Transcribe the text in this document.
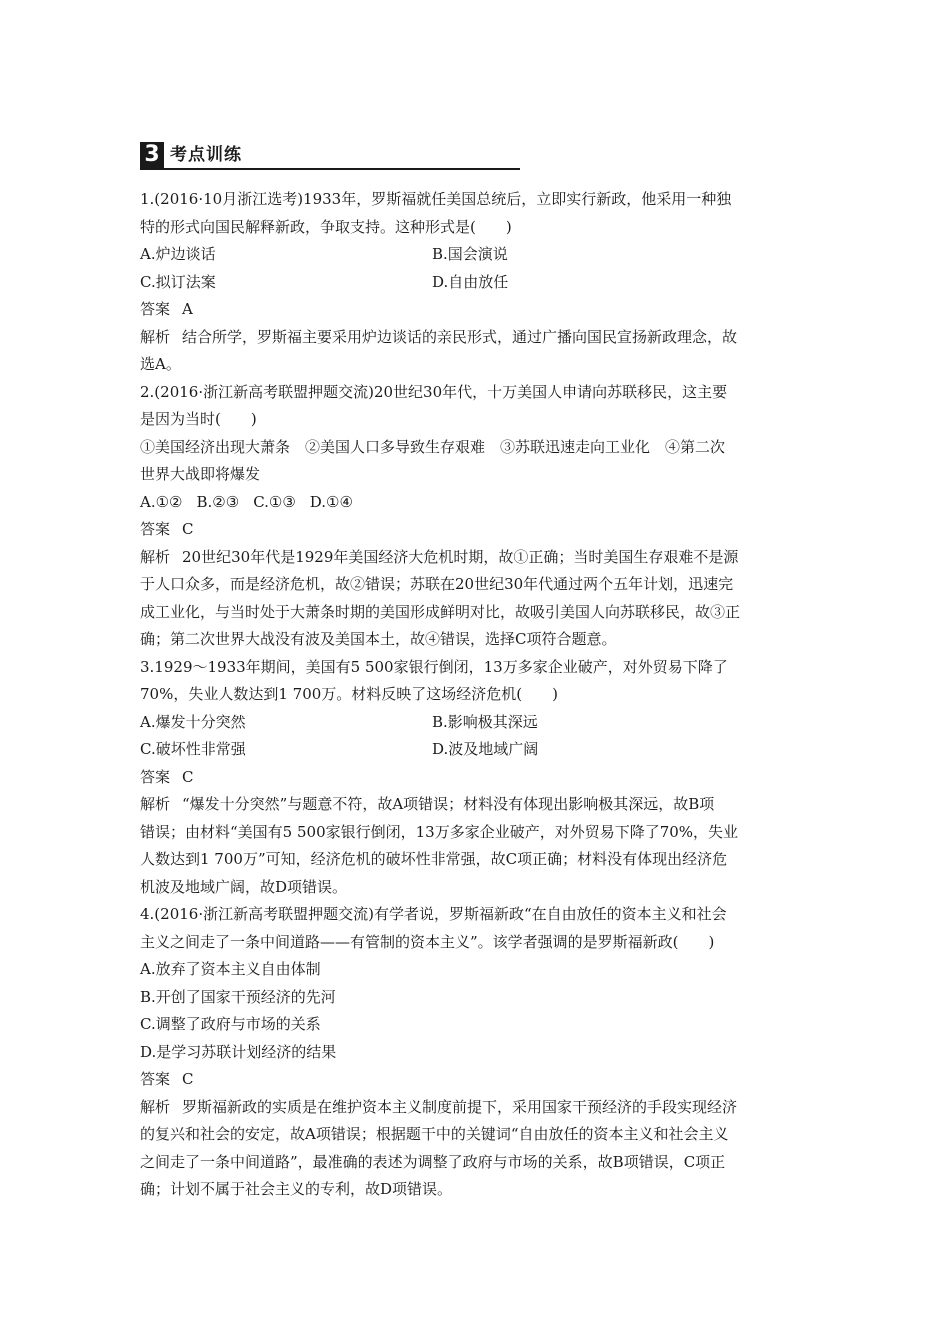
3 考点训练
1.(2016·10月浙江选考)1933年，罗斯福就任美国总统后，立即实行新政，他采用一种独
特的形式向国民解释新政，争取支持。这种形式是(　　)
A.炉边谈话	B.国会演说
C.拟订法案	D.自由放任
答案 A
解析 结合所学，罗斯福主要采用炉边谈话的亲民形式，通过广播向国民宣扬新政理念，故
选A。
2.(2016·浙江新高考联盟押题交流)20世纪30年代，十万美国人申请向苏联移民，这主要
是因为当时(　　)
①美国经济出现大萧条　②美国人口多导致生存艰难　③苏联迅速走向工业化　④第二次
世界大战即将爆发
A.①② B.②③ C.①③ D.①④
答案 C
解析 20世纪30年代是1929年美国经济大危机时期，故①正确；当时美国生存艰难不是源
于人口众多，而是经济危机，故②错误；苏联在20世纪30年代通过两个五年计划，迅速完
成工业化，与当时处于大萧条时期的美国形成鲜明对比，故吸引美国人向苏联移民，故③正
确；第二次世界大战没有波及美国本土，故④错误，选择C项符合题意。
3.1929～1933年期间，美国有5 500家银行倒闭，13万多家企业破产，对外贸易下降了
70%，失业人数达到1 700万。材料反映了这场经济危机(　　)
A.爆发十分突然	B.影响极其深远
C.破坏性非常强	D.波及地域广阔
答案 C
解析 “爆发十分突然”与题意不符，故A项错误；材料没有体现出影响极其深远，故B项
错误；由材料“美国有5 500家银行倒闭，13万多家企业破产，对外贸易下降了70%，失业
人数达到1 700万”可知，经济危机的破坏性非常强，故C项正确；材料没有体现出经济危
机波及地域广阔，故D项错误。
4.(2016·浙江新高考联盟押题交流)有学者说，罗斯福新政“在自由放任的资本主义和社会
主义之间走了一条中间道路——有管制的资本主义”。该学者强调的是罗斯福新政(　　)
A.放弃了资本主义自由体制
B.开创了国家干预经济的先河
C.调整了政府与市场的关系
D.是学习苏联计划经济的结果
答案 C
解析 罗斯福新政的实质是在维护资本主义制度前提下，采用国家干预经济的手段实现经济
的复兴和社会的安定，故A项错误；根据题干中的关键词“自由放任的资本主义和社会主义
之间走了一条中间道路”，最准确的表述为调整了政府与市场的关系，故B项错误，C项正
确；计划不属于社会主义的专利，故D项错误。
